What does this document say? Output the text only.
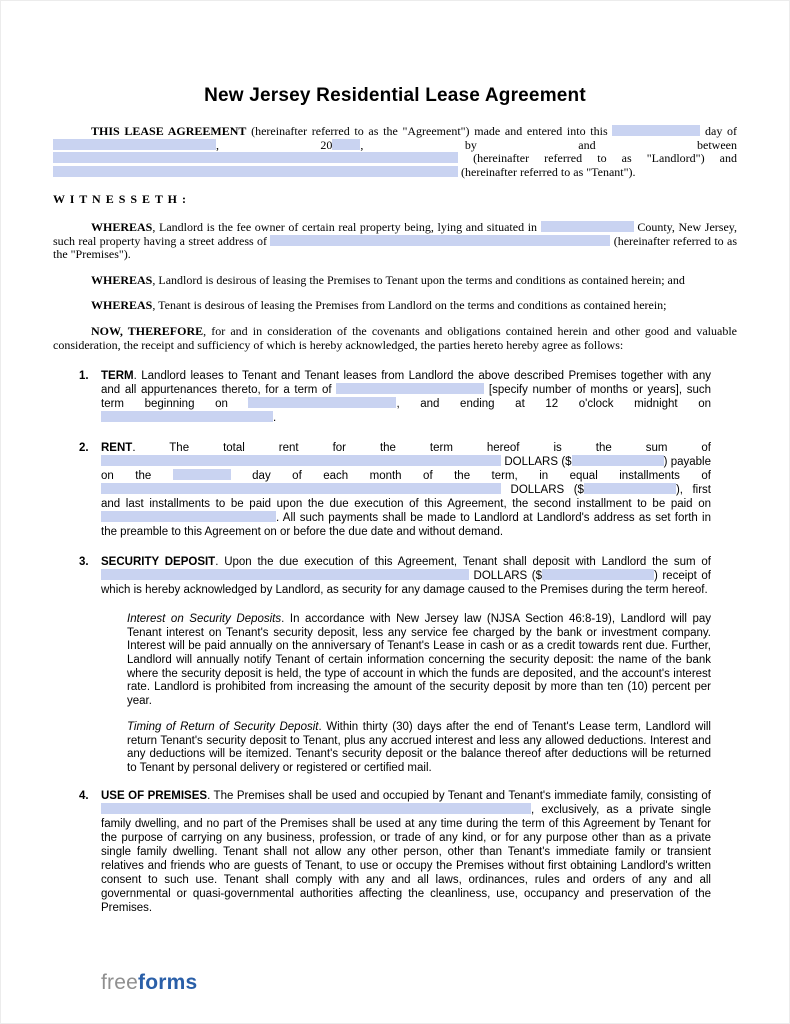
New Jersey Residential Lease Agreement

THIS LEASE AGREEMENT (hereinafter referred to as the "Agreement") made and entered into this	day of , 20 , by and between  (hereinafter referred to as "Landlord") and  (hereinafter referred to as "Tenant").

W I T N E S S E T H :

WHEREAS, Landlord is the fee owner of certain real property being, lying and situated in	County, New Jersey, such real property having a street address of	(hereinafter referred to as the "Premises").

WHEREAS, Landlord is desirous of leasing the Premises to Tenant upon the terms and conditions as contained herein; and

WHEREAS, Tenant is desirous of leasing the Premises from Landlord on the terms and conditions as contained herein;

NOW, THEREFORE, for and in consideration of the covenants and obligations contained herein and other good and valuable consideration, the receipt and sufficiency of which is hereby acknowledged, the parties hereto hereby agree as follows:

1.	TERM. Landlord leases to Tenant and Tenant leases from Landlord the above described Premises together with any and all appurtenances thereto, for a term of	[specify number of months or years], such term beginning on	, and ending at 12 o'clock midnight on .
2.	RENT. The total rent for the term hereof is the sum of  DOLLARS ($	) payable on the	day of each month of the term, in equal installments of  DOLLARS ($	), first and last installments to be paid upon the due execution of this Agreement, the second installment to be paid on . All such payments shall be made to Landlord at Landlord's address as set forth in the preamble to this Agreement on or before the due date and without demand.
3.	SECURITY DEPOSIT. Upon the due execution of this Agreement, Tenant shall deposit with Landlord the sum of  DOLLARS ($	) receipt of which is hereby acknowledged by Landlord, as security for any damage caused to the Premises during the term hereof.
Interest on Security Deposits. In accordance with New Jersey law (NJSA Section 46:8-19), Landlord will pay Tenant interest on Tenant's security deposit, less any service fee charged by the bank or investment company. Interest will be paid annually on the anniversary of Tenant's Lease in cash or as a credit towards rent due. Further, Landlord will annually notify Tenant of certain information concerning the security deposit: the name of the bank where the security deposit is held, the type of account in which the funds are deposited, and the account's interest rate. Landlord is prohibited from increasing the amount of the security deposit by more than ten (10) percent per year.
Timing of Return of Security Deposit. Within thirty (30) days after the end of Tenant's Lease term, Landlord will return Tenant's security deposit to Tenant, plus any accrued interest and less any allowed deductions. Interest and any deductions will be itemized. Tenant's security deposit or the balance thereof after deductions will be returned to Tenant by personal delivery or registered or certified mail.
4.	USE OF PREMISES. The Premises shall be used and occupied by Tenant and Tenant's immediate family, consisting of , exclusively, as a private single family dwelling, and no part of the Premises shall be used at any time during the term of this Agreement by Tenant for the purpose of carrying on any business, profession, or trade of any kind, or for any purpose other than as a private single family dwelling. Tenant shall not allow any other person, other than Tenant's immediate family or transient relatives and friends who are guests of Tenant, to use or occupy the Premises without first obtaining Landlord's written consent to such use. Tenant shall comply with any and all laws, ordinances, rules and orders of any and all governmental or quasi-governmental authorities affecting the cleanliness, use, occupancy and preservation of the Premises.
freeforms
